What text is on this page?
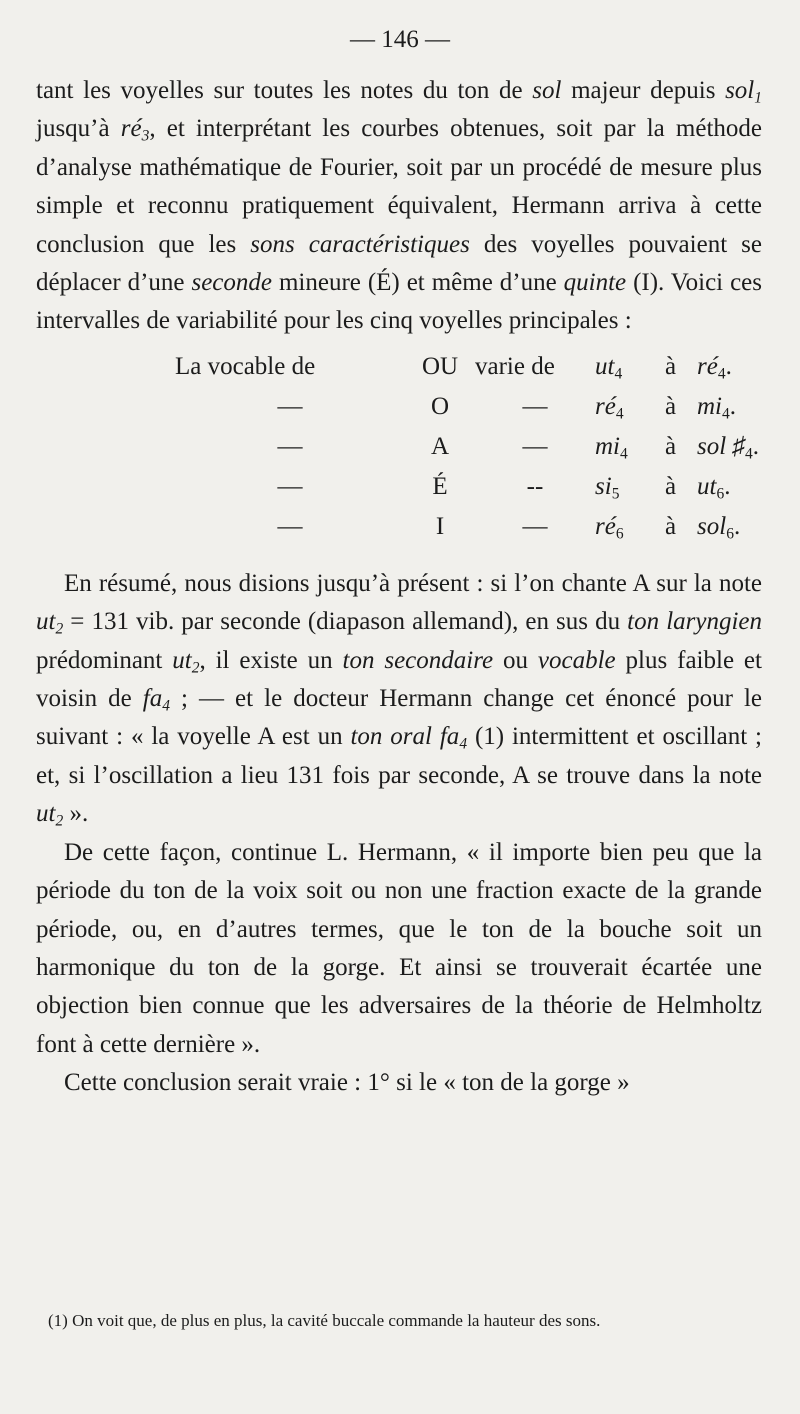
— 146 —

tant les voyelles sur toutes les notes du ton de sol majeur depuis sol$_1$ jusqu’à $ré_3$, et interprétant les courbes obtenues, soit par la méthode d’analyse mathématique de Fourier, soit par un procédé de mesure plus simple et reconnu pratiquement équivalent, Hermann arriva à cette conclusion que les sons caractéristiques des voyelles pouvaient se déplacer d’une seconde mineure (É) et même d’une quinte (I). Voici ces intervalles de variabilité pour les cinq voyelles principales :

La vocable de	OU varie de	$ut_4$	à $ré_4$.
—	O	—	$ré_4$	à $mi_4$.
—	A	—	$mi_4$	à sol $♯_4$.
—	É	--	$si_5$	à $ut_6$.
—	I	—	$ré_6$	à sol$_6$.

En résumé, nous disions jusqu’à présent : si l’on chante A sur la note $ut_2 = 131$ vib. par seconde (diapason allemand), en sus du ton laryngien prédominant $ut_2$, il existe un ton secondaire ou vocable plus faible et voisin de $fa_4$ ; — et le docteur Hermann change cet énoncé pour le suivant : « la voyelle A est un ton oral $fa_4$ (1) intermittent et oscillant ; et, si l’oscillation a lieu 131 fois par seconde, A se trouve dans la note $ut_2$ ».

De cette façon, continue L. Hermann, « il importe bien peu que la période du ton de la voix soit ou non une fraction exacte de la grande période, ou, en d’autres termes, que le ton de la bouche soit un harmonique du ton de la gorge. Et ainsi se trouverait écartée une objection bien connue que les adversaires de la théorie de Helmholtz font à cette dernière ».

Cette conclusion serait vraie : 1° si le « ton de la gorge »

(1) On voit que, de plus en plus, la cavité buccale commande la hauteur des sons.
